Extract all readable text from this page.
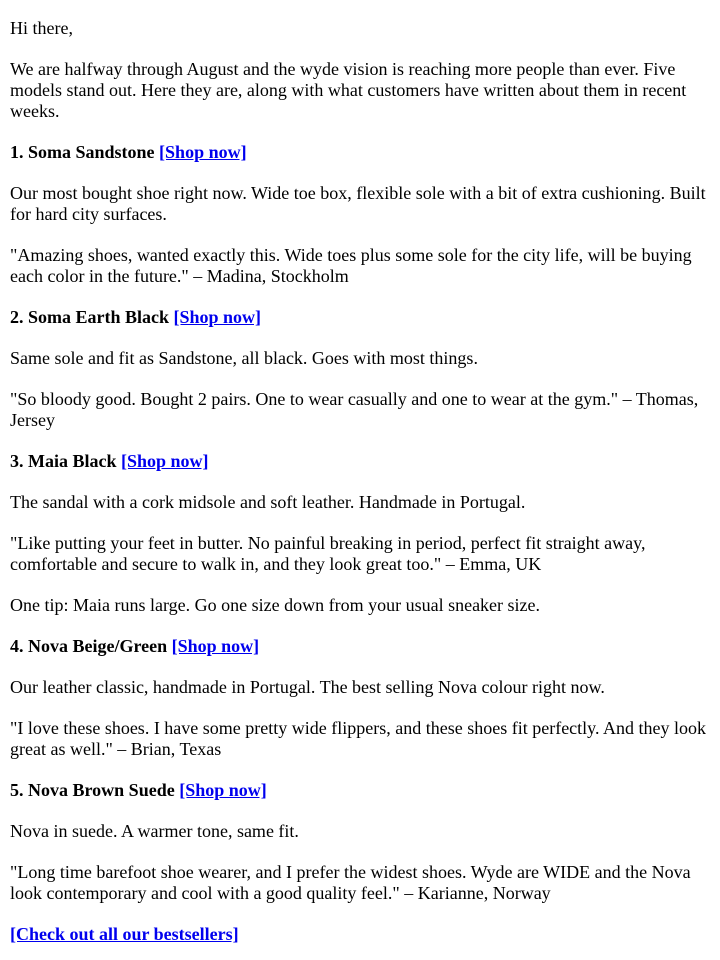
Hi there,

We are halfway through August and the wyde vision is reaching more people than ever. Five models stand out. Here they are, along with what customers have written about them in recent weeks.

1. Soma Sandstone [Shop now]

Our most bought shoe right now. Wide toe box, flexible sole with a bit of extra cushioning. Built for hard city surfaces.

"Amazing shoes, wanted exactly this. Wide toes plus some sole for the city life, will be buying each color in the future." – Madina, Stockholm

2. Soma Earth Black [Shop now]

Same sole and fit as Sandstone, all black. Goes with most things.

"So bloody good. Bought 2 pairs. One to wear casually and one to wear at the gym." – Thomas, Jersey

3. Maia Black [Shop now]

The sandal with a cork midsole and soft leather. Handmade in Portugal.

"Like putting your feet in butter. No painful breaking in period, perfect fit straight away, comfortable and secure to walk in, and they look great too." – Emma, UK

One tip: Maia runs large. Go one size down from your usual sneaker size.

4. Nova Beige/Green [Shop now]

Our leather classic, handmade in Portugal. The best selling Nova colour right now.

"I love these shoes. I have some pretty wide flippers, and these shoes fit perfectly. And they look great as well." – Brian, Texas

5. Nova Brown Suede [Shop now]

Nova in suede. A warmer tone, same fit.

"Long time barefoot shoe wearer, and I prefer the widest shoes. Wyde are WIDE and the Nova look contemporary and cool with a good quality feel." – Karianne, Norway

[Check out all our bestsellers]
